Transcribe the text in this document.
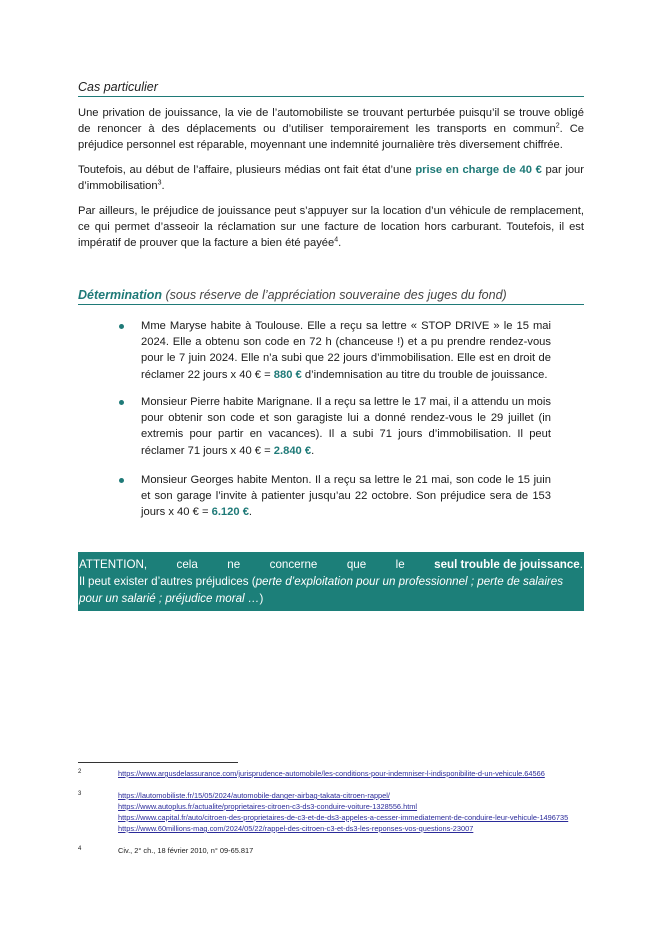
Cas particulier

Une privation de jouissance, la vie de l’automobiliste se trouvant perturbée puisqu’il se trouve obligé de renoncer à des déplacements ou d’utiliser temporairement les transports en commun$^2$. Ce préjudice personnel est réparable, moyennant une indemnité journalière très diversement chiffrée.

Toutefois, au début de l’affaire, plusieurs médias ont fait état d’une prise en charge de 40 € par jour d’immobilisation$^3$.

Par ailleurs, le préjudice de jouissance peut s’appuyer sur la location d’un véhicule de remplacement, ce qui permet d’asseoir la réclamation sur une facture de location hors carburant. Toutefois, il est impératif de prouver que la facture a bien été payée$^4$.

Détermination (sous réserve de l’appréciation souveraine des juges du fond)

Mme Maryse habite à Toulouse. Elle a reçu sa lettre « STOP DRIVE » le 15 mai 2024. Elle a obtenu son code en 72 h (chanceuse !) et a pu prendre rendez-vous pour le 7 juin 2024. Elle n’a subi que 22 jours d’immobilisation. Elle est en droit de réclamer 22 jours x 40 € = 880 € d’indemnisation au titre du trouble de jouissance.

Monsieur Pierre habite Marignane. Il a reçu sa lettre le 17 mai, il a attendu un mois pour obtenir son code et son garagiste lui a donné rendez-vous le 29 juillet (in extremis pour partir en vacances). Il a subi 71 jours d’immobilisation. Il peut réclamer 71 jours x 40 € = 2.840 €.

Monsieur Georges habite Menton. Il a reçu sa lettre le 21 mai, son code le 15 juin et son garage l’invite à patienter jusqu’au 22 octobre. Son préjudice sera de 153 jours x 40 € = 6.120 €.

ATTENTION,	cela	ne	concerne	que	le	seul trouble de jouissance.
Il peut exister d’autres préjudices (perte d’exploitation pour un professionnel ; perte de salaires pour un salarié ; préjudice moral …)
2	https://www.argusdelassurance.com/jurisprudence-automobile/les-conditions-pour-indemniser-l-indisponibilite-d-un-vehicule.64566
3	https://lautomobiliste.fr/15/05/2024/automobile-danger-airbag-takata-citroen-rappel/
https://www.autoplus.fr/actualite/proprietaires-citroen-c3-ds3-conduire-voiture-1328556.html
https://www.capital.fr/auto/citroen-des-proprietaires-de-c3-et-de-ds3-appeles-a-cesser-immediatement-de-conduire-leur-vehicule-1496735
https://www.60millions-mag.com/2024/05/22/rappel-des-citroen-c3-et-ds3-les-reponses-vos-questions-23007
4	Civ., 2° ch., 18 février 2010, n° 09-65.817
